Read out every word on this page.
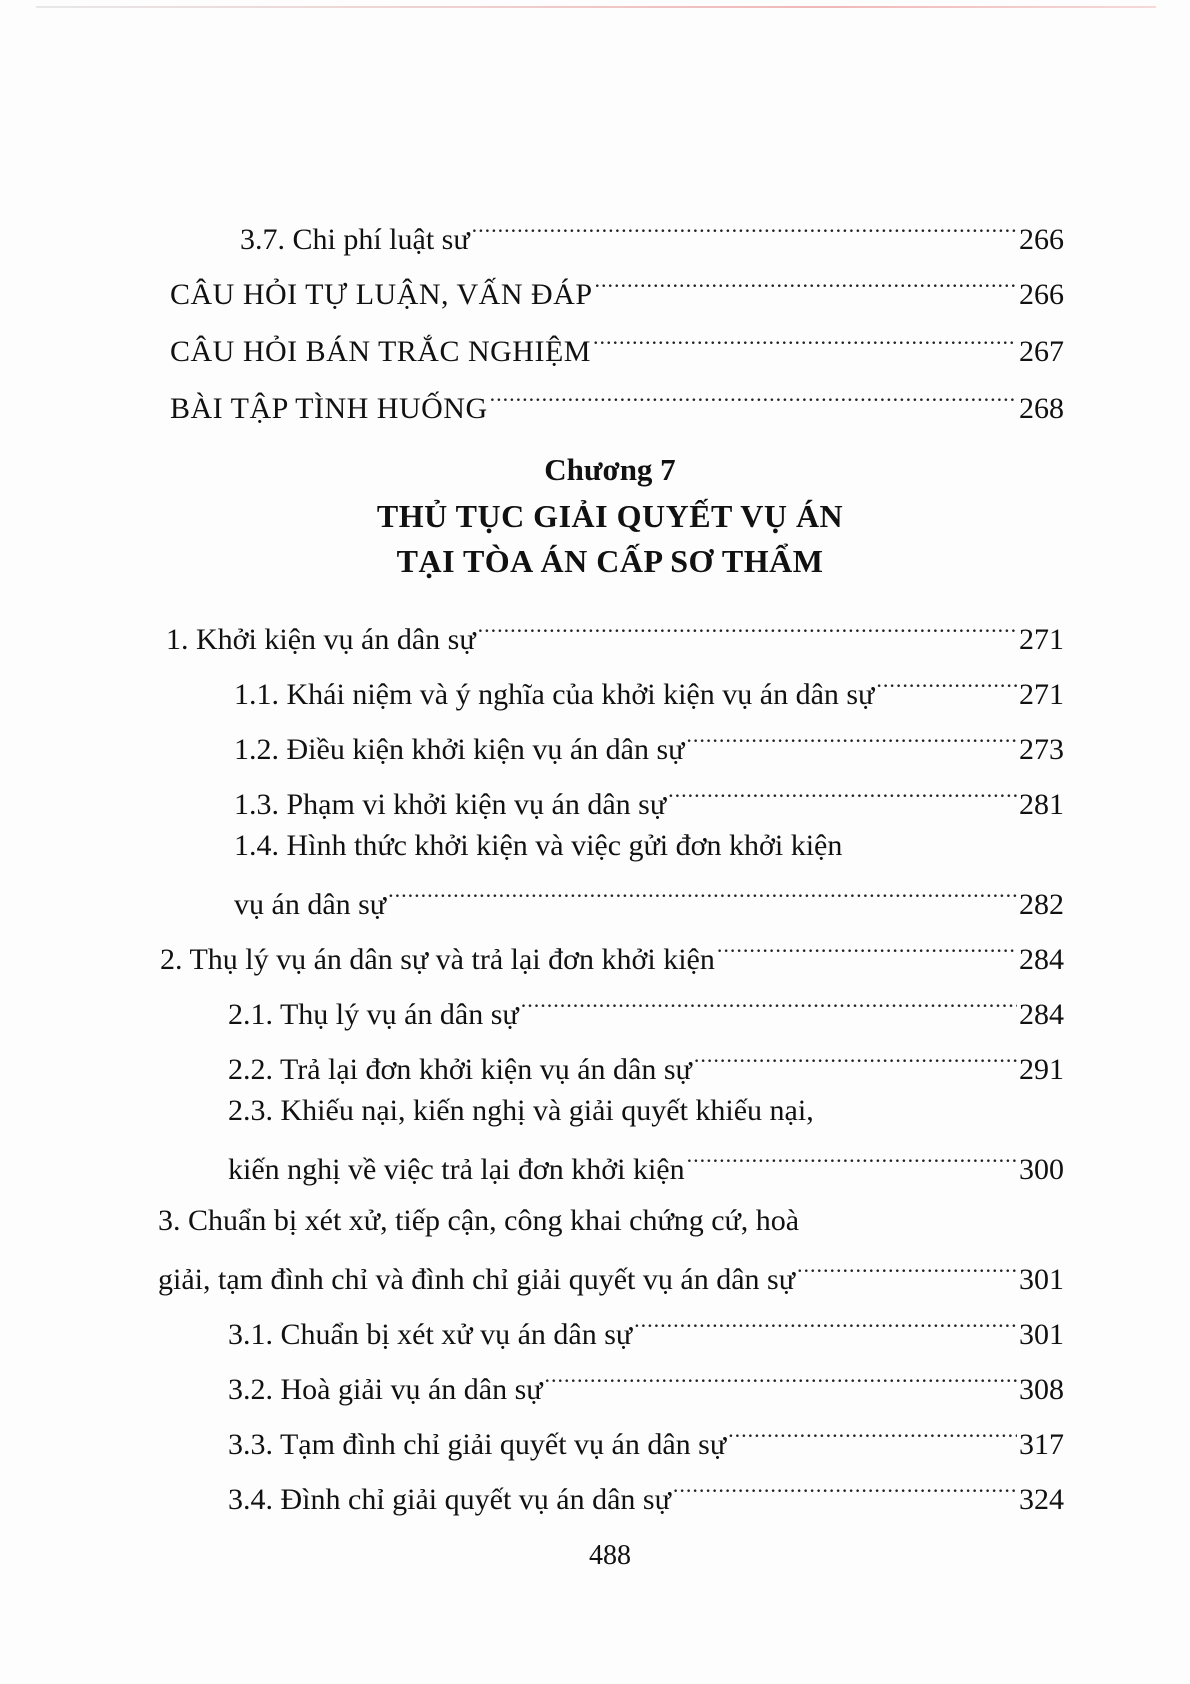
3.7. Chi phí luật sư .....	266
CÂU HỎI TỰ LUẬN, VẤN ĐÁP .....	266
CÂU HỎI BÁN TRẮC NGHIỆM .....	267
BÀI TẬP TÌNH HUỐNG .....	268
Chương 7
THỦ TỤC GIẢI QUYẾT VỤ ÁN
TẠI TÒA ÁN CẤP SƠ THẨM
1. Khởi kiện vụ án dân sự .....	271
1.1. Khái niệm và ý nghĩa của khởi kiện vụ án dân sự .....	271
1.2. Điều kiện khởi kiện vụ án dân sự .....	273
1.3. Phạm vi khởi kiện vụ án dân sự .....	281
1.4. Hình thức khởi kiện và việc gửi đơn khởi kiện
vụ án dân sự .....	282
2. Thụ lý vụ án dân sự và trả lại đơn khởi kiện .....	284
2.1. Thụ lý vụ án dân sự .....	284
2.2. Trả lại đơn khởi kiện vụ án dân sự .....	291
2.3. Khiếu nại, kiến nghị và giải quyết khiếu nại,
kiến nghị về việc trả lại đơn khởi kiện .....	300
3. Chuẩn bị xét xử, tiếp cận, công khai chứng cứ, hoà
giải, tạm đình chỉ và đình chỉ giải quyết vụ án dân sự .....	301
3.1. Chuẩn bị xét xử vụ án dân sự .....	301
3.2. Hoà giải vụ án dân sự .....	308
3.3. Tạm đình chỉ giải quyết vụ án dân sự .....	317
3.4. Đình chỉ giải quyết vụ án dân sự .....	324
488
